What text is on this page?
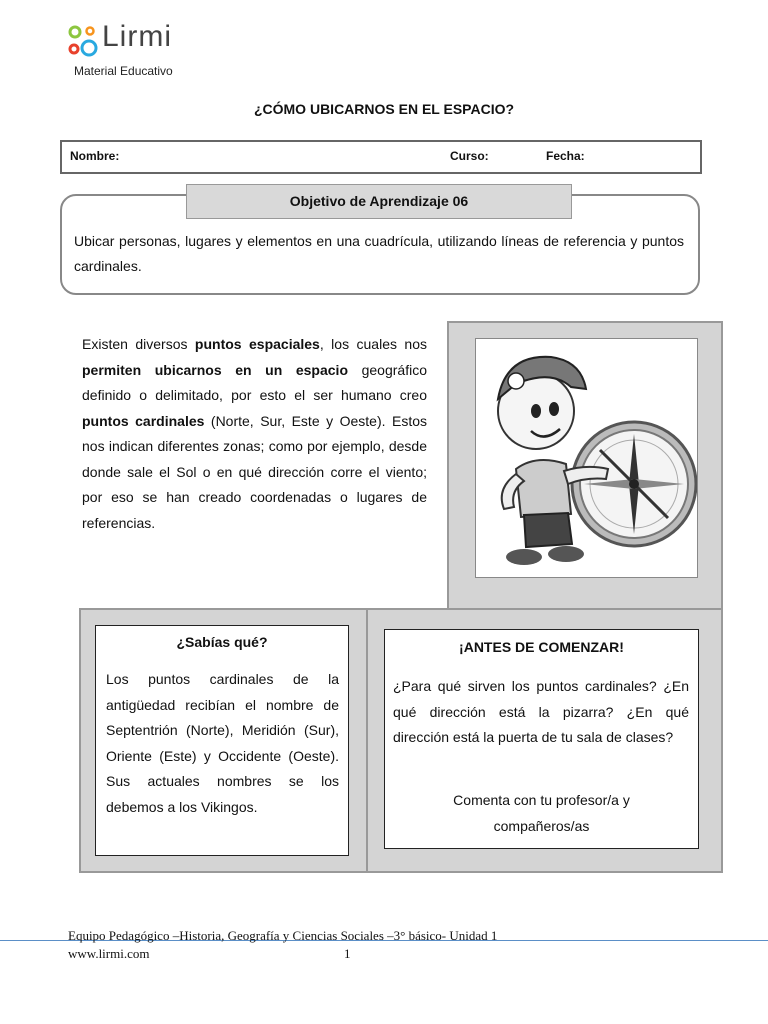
Lirmi
Material Educativo
¿CÓMO UBICARNOS EN EL ESPACIO?
Nombre:	Curso:	Fecha:
Objetivo de Aprendizaje 06
Ubicar personas, lugares y elementos en una cuadrícula, utilizando líneas de referencia y puntos cardinales.
Existen diversos puntos espaciales, los cuales nos permiten ubicarnos en un espacio geográfico definido o delimitado, por esto el ser humano creo puntos cardinales (Norte, Sur, Este y Oeste). Estos nos indican diferentes zonas; como por ejemplo, desde donde sale el Sol o en qué dirección corre el viento; por eso se han creado coordenadas o lugares de referencias.
¿Sabías qué?
Los puntos cardinales de la antigüedad recibían el nombre de Septentrión (Norte), Meridión (Sur), Oriente (Este) y Occidente (Oeste). Sus actuales nombres se los debemos a los Vikingos.
¡ANTES DE COMENZAR!
¿Para qué sirven los puntos cardinales? ¿En qué dirección está la pizarra? ¿En qué dirección está la puerta de tu sala de clases?
Comenta con tu profesor/a y
compañeros/as
Equipo Pedagógico –Historia, Geografía y Ciencias Sociales –3° básico- Unidad 1
www.lirmi.com	1
